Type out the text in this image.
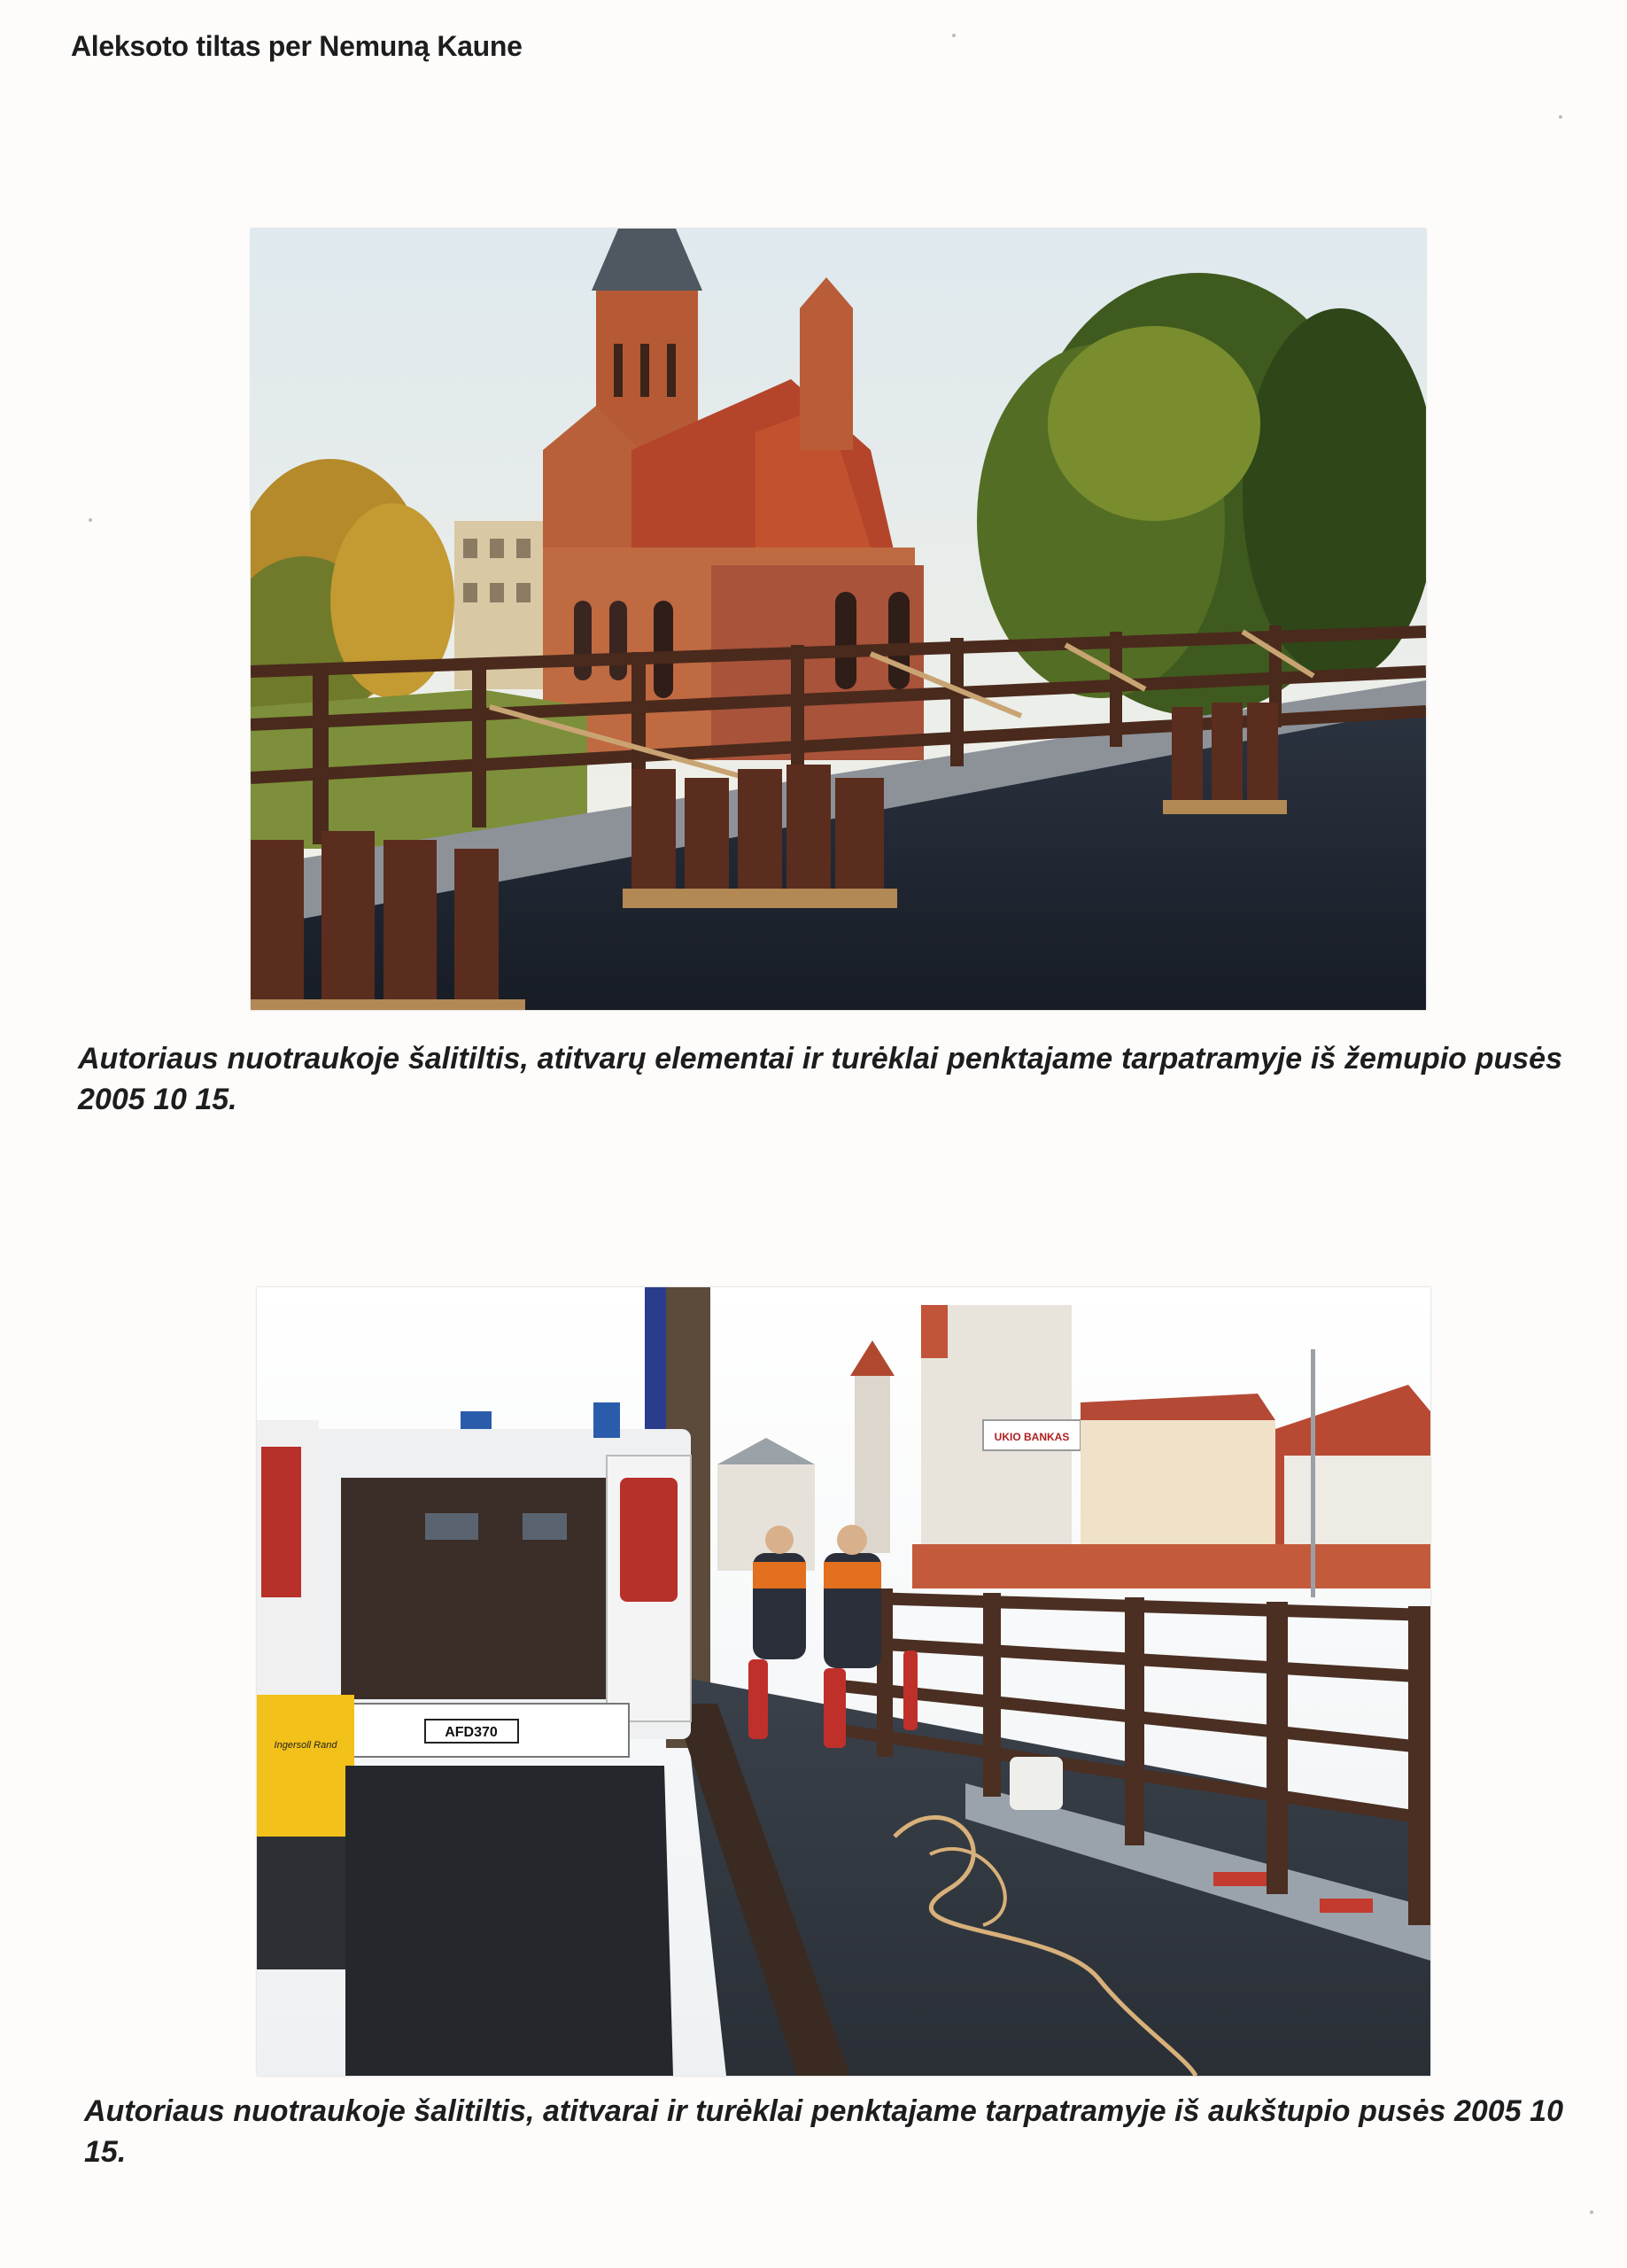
Aleksoto tiltas per Nemuną Kaune
Autoriaus nuotraukoje šalitiltis, atitvarų elementai ir turėklai penktajame tarpatramyje iš žemupio pusės 2005 10 15.
UKIO BANKAS
AFD370
Ingersoll Rand
Autoriaus nuotraukoje šalitiltis, atitvarai ir turėklai penktajame tarpatramyje iš aukštupio pusės 2005 10 15.
